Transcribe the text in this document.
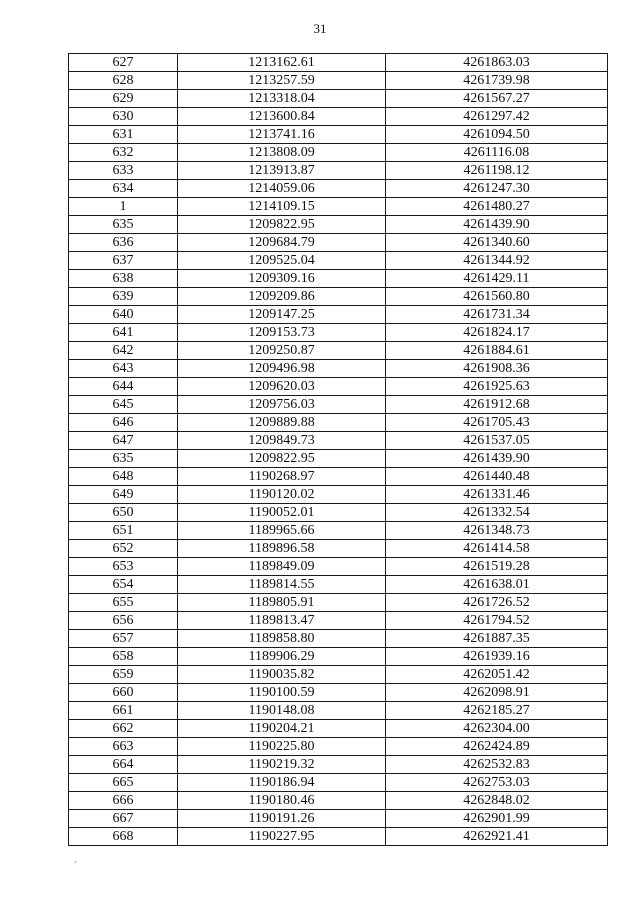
31
627	1213162.61	4261863.03
628	1213257.59	4261739.98
629	1213318.04	4261567.27
630	1213600.84	4261297.42
631	1213741.16	4261094.50
632	1213808.09	4261116.08
633	1213913.87	4261198.12
634	1214059.06	4261247.30
1	1214109.15	4261480.27
635	1209822.95	4261439.90
636	1209684.79	4261340.60
637	1209525.04	4261344.92
638	1209309.16	4261429.11
639	1209209.86	4261560.80
640	1209147.25	4261731.34
641	1209153.73	4261824.17
642	1209250.87	4261884.61
643	1209496.98	4261908.36
644	1209620.03	4261925.63
645	1209756.03	4261912.68
646	1209889.88	4261705.43
647	1209849.73	4261537.05
635	1209822.95	4261439.90
648	1190268.97	4261440.48
649	1190120.02	4261331.46
650	1190052.01	4261332.54
651	1189965.66	4261348.73
652	1189896.58	4261414.58
653	1189849.09	4261519.28
654	1189814.55	4261638.01
655	1189805.91	4261726.52
656	1189813.47	4261794.52
657	1189858.80	4261887.35
658	1189906.29	4261939.16
659	1190035.82	4262051.42
660	1190100.59	4262098.91
661	1190148.08	4262185.27
662	1190204.21	4262304.00
663	1190225.80	4262424.89
664	1190219.32	4262532.83
665	1190186.94	4262753.03
666	1190180.46	4262848.02
667	1190191.26	4262901.99
668	1190227.95	4262921.41
`
